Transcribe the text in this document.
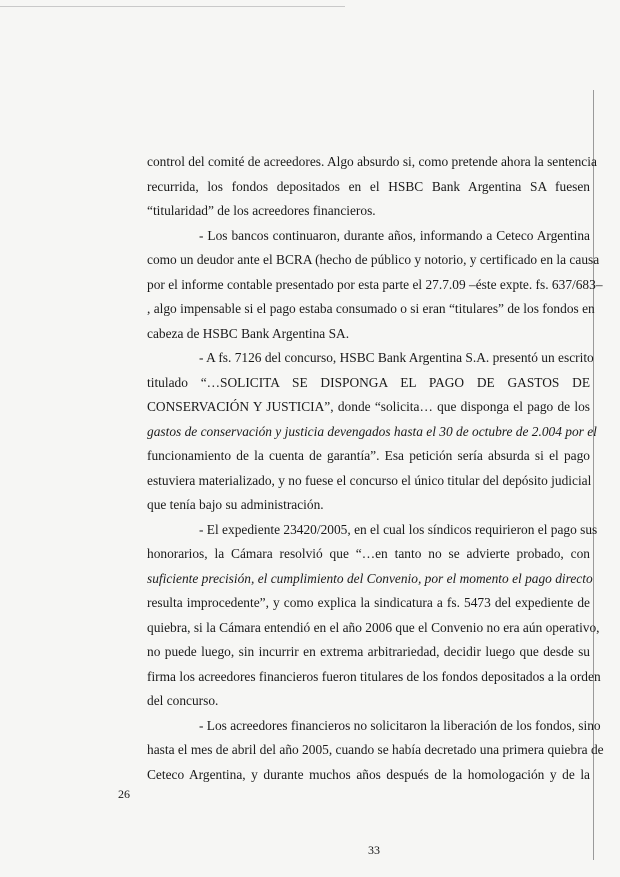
control del comité de acreedores. Algo absurdo si, como pretende ahora la sentencia
recurrida, los fondos depositados en el HSBC Bank Argentina SA fuesen
“titularidad” de los acreedores financieros.
- Los bancos continuaron, durante años, informando a Ceteco Argentina
como un deudor ante el BCRA (hecho de público y notorio, y certificado en la causa
por el informe contable presentado por esta parte el 27.7.09 –éste expte. fs. 637/683–
, algo impensable si el pago estaba consumado o si eran “titulares” de los fondos en
cabeza de HSBC Bank Argentina SA.
- A fs. 7126 del concurso, HSBC Bank Argentina S.A. presentó un escrito
titulado “…SOLICITA SE DISPONGA EL PAGO DE GASTOS DE
CONSERVACIÓN Y JUSTICIA”, donde “solicita… que disponga el pago de los
gastos de conservación y justicia devengados hasta el 30 de octubre de 2.004 por el
funcionamiento de la cuenta de garantía”. Esa petición sería absurda si el pago
estuviera materializado, y no fuese el concurso el único titular del depósito judicial
que tenía bajo su administración.
- El expediente 23420/2005, en el cual los síndicos requirieron el pago sus
honorarios, la Cámara resolvió que “…en tanto no se advierte probado, con
suficiente precisión, el cumplimiento del Convenio, por el momento el pago directo
resulta improcedente”, y como explica la sindicatura a fs. 5473 del expediente de
quiebra, si la Cámara entendió en el año 2006 que el Convenio no era aún operativo,
no puede luego, sin incurrir en extrema arbitrariedad, decidir luego que desde su
firma los acreedores financieros fueron titulares de los fondos depositados a la orden
del concurso.
- Los acreedores financieros no solicitaron la liberación de los fondos, sino
hasta el mes de abril del año 2005, cuando se había decretado una primera quiebra de
Ceteco Argentina, y durante muchos años después de la homologación y de la
26
33
